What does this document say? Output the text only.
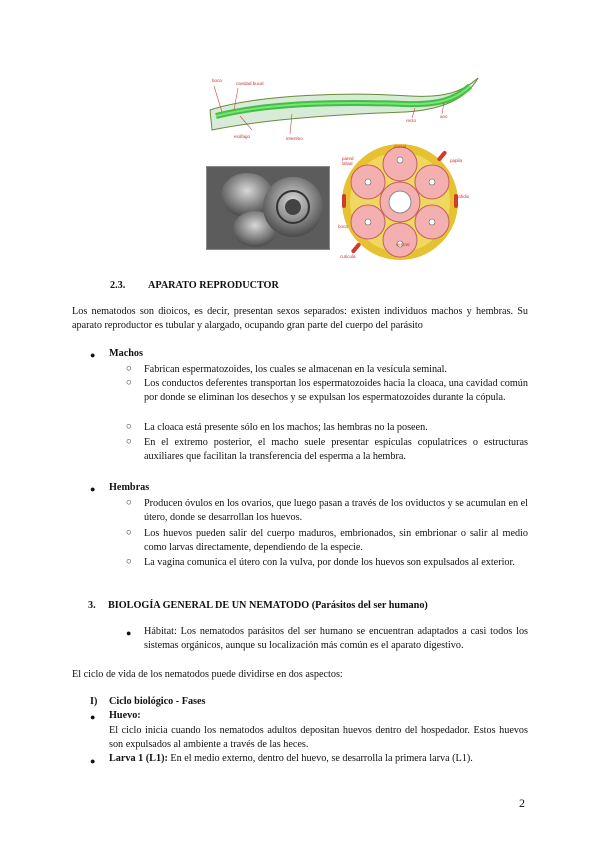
boca
cavidad bucal
esófago	intestino
recto
ano
dorsal	placa
pared labial
papila
boca
anfidio
ventral
cutícula
2.3. APARATO REPRODUCTOR
Los nematodos son dioicos, es decir, presentan sexos separados: existen individuos machos y hembras. Su aparato reproductor es tubular y alargado, ocupando gran parte del cuerpo del parásito
● Machos
○ Fabrican espermatozoides, los cuales se almacenan en la vesícula seminal.
○ Los conductos deferentes transportan los espermatozoides hacia la cloaca, una cavidad común por donde se eliminan los desechos y se expulsan los espermatozoides durante la cópula.
○ La cloaca está presente sólo en los machos; las hembras no la poseen.
○ En el extremo posterior, el macho suele presentar espículas copulatrices o estructuras auxiliares que facilitan la transferencia del esperma a la hembra.
● Hembras
○ Producen óvulos en los ovarios, que luego pasan a través de los oviductos y se acumulan en el útero, donde se desarrollan los huevos.
○ Los huevos pueden salir del cuerpo maduros, embrionados, sin embrionar o salir al medio como larvas directamente, dependiendo de la especie.
○ La vagina comunica el útero con la vulva, por donde los huevos son expulsados al exterior.
3. BIOLOGÍA GENERAL DE UN NEMATODO (Parásitos del ser humano)
● Hábitat: Los nematodos parásitos del ser humano se encuentran adaptados a casi todos los sistemas orgánicos, aunque su localización más común es el aparato digestivo.
El ciclo de vida de los nematodos puede dividirse en dos aspectos:
I) Ciclo biológico - Fases
● Huevo:
El ciclo inicia cuando los nematodos adultos depositan huevos dentro del hospedador. Estos huevos son expulsados al ambiente a través de las heces.
● Larva 1 (L1): En el medio externo, dentro del huevo, se desarrolla la primera larva (L1).
2
